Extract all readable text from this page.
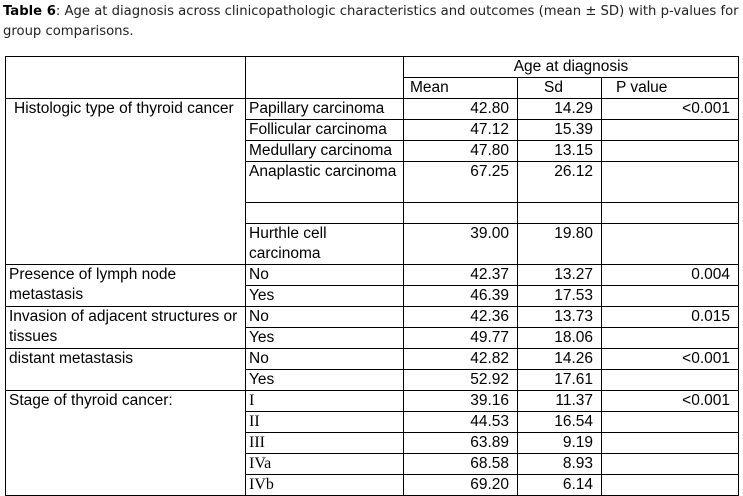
Table 6: Age at diagnosis across clinicopathologic characteristics and outcomes (mean ± SD) with p-values for group comparisons.
		Age at diagnosis		
		Mean	Sd	P value
Histologic type of thyroid cancer	Papillary carcinoma	42.80	14.29	<0.001
	Follicular carcinoma	47.12	15.39	
	Medullary carcinoma	47.80	13.15	
	Anaplastic carcinoma	67.25	26.12	

	Hurthle cell carcinoma	39.00	19.80	
Presence of lymph node metastasis	No	42.37	13.27	0.004
	Yes	46.39	17.53	
Invasion of adjacent structures or tissues	No	42.36	13.73	0.015
	Yes	49.77	18.06	
distant metastasis	No	42.82	14.26	<0.001
	Yes	52.92	17.61	
Stage of thyroid cancer:	I	39.16	11.37	<0.001
	II	44.53	16.54	
	III	63.89	9.19	
	IVa	68.58	8.93	
	IVb	69.20	6.14	
